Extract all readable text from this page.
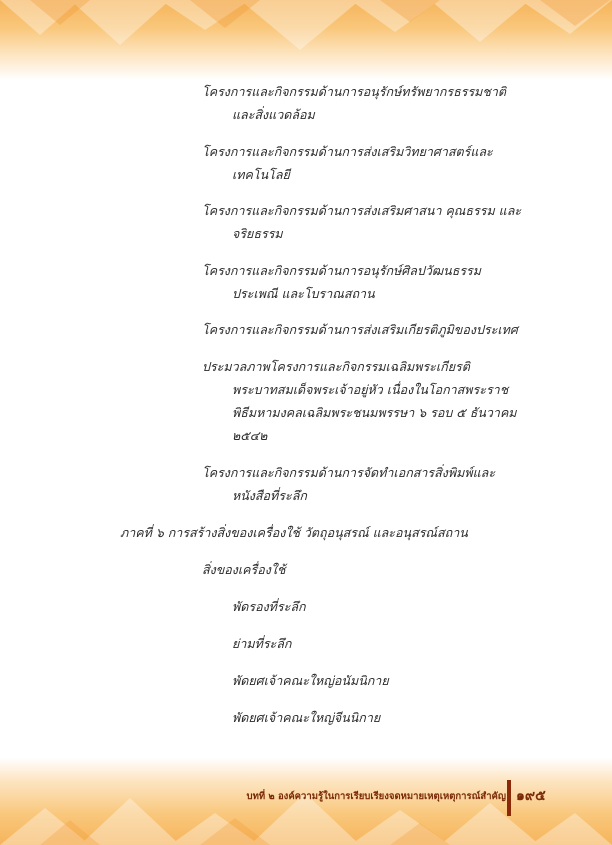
โครงการและกิจกรรมด้านการอนุรักษ์ทรัพยากรธรรมชาติ
และสิ่งแวดล้อม
โครงการและกิจกรรมด้านการส่งเสริมวิทยาศาสตร์และ
เทคโนโลยี
โครงการและกิจกรรมด้านการส่งเสริมศาสนา คุณธรรม และ
จริยธรรม
โครงการและกิจกรรมด้านการอนุรักษ์ศิลปวัฒนธรรม
ประเพณี และโบราณสถาน
โครงการและกิจกรรมด้านการส่งเสริมเกียรติภูมิของประเทศ
ประมวลภาพโครงการและกิจกรรมเฉลิมพระเกียรติ
พระบาทสมเด็จพระเจ้าอยู่หัว เนื่องในโอกาสพระราช
พิธีมหามงคลเฉลิมพระชนมพรรษา ๖ รอบ ๕ ธันวาคม
๒๕๔๒
โครงการและกิจกรรมด้านการจัดทำเอกสารสิ่งพิมพ์และ
หนังสือที่ระลึก
ภาคที่ ๖ การสร้างสิ่งของเครื่องใช้ วัตถุอนุสรณ์ และอนุสรณ์สถาน
สิ่งของเครื่องใช้
พัดรองที่ระลึก
ย่ามที่ระลึก
พัดยศเจ้าคณะใหญ่อนัมนิกาย
พัดยศเจ้าคณะใหญ่จีนนิกาย
บทที่ ๒ องค์ความรู้ในการเรียบเรียงจดหมายเหตุเหตุการณ์สำคัญ ๑๙๕
